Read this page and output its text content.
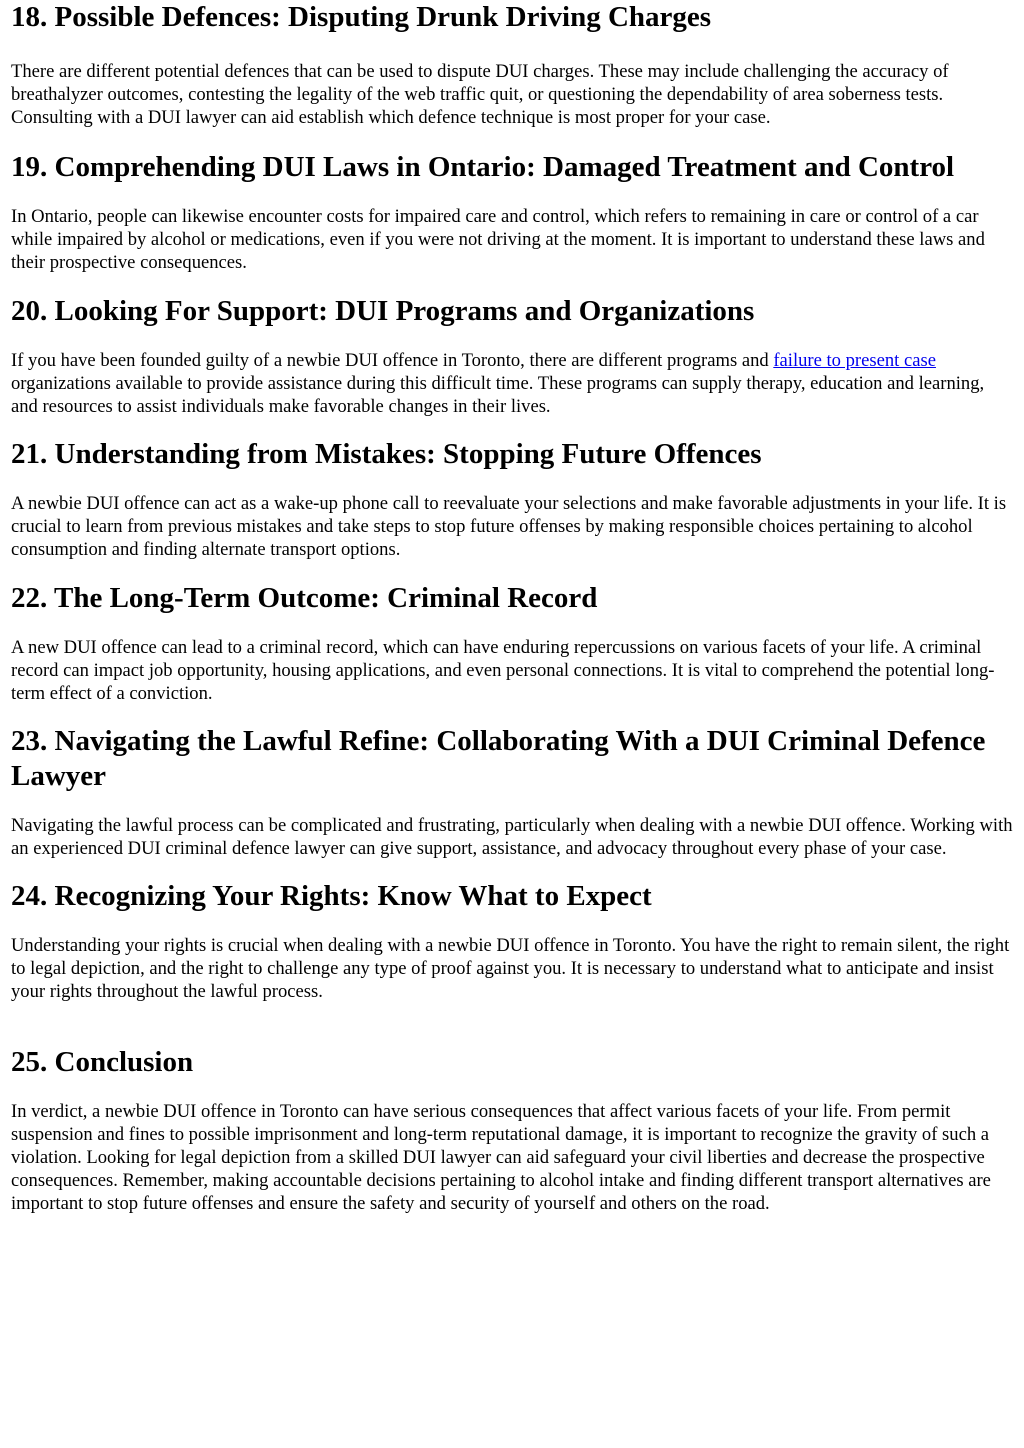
18. Possible Defences: Disputing Drunk Driving Charges

There are different potential defences that can be used to dispute DUI charges. These may include challenging the accuracy of breathalyzer outcomes, contesting the legality of the web traffic quit, or questioning the dependability of area soberness tests. Consulting with a DUI lawyer can aid establish which defence technique is most proper for your case.

19. Comprehending DUI Laws in Ontario: Damaged Treatment and Control

In Ontario, people can likewise encounter costs for impaired care and control, which refers to remaining in care or control of a car while impaired by alcohol or medications, even if you were not driving at the moment. It is important to understand these laws and their prospective consequences.

20. Looking For Support: DUI Programs and Organizations

If you have been founded guilty of a newbie DUI offence in Toronto, there are different programs and failure to present case organizations available to provide assistance during this difficult time. These programs can supply therapy, education and learning, and resources to assist individuals make favorable changes in their lives.

21. Understanding from Mistakes: Stopping Future Offences

A newbie DUI offence can act as a wake-up phone call to reevaluate your selections and make favorable adjustments in your life. It is crucial to learn from previous mistakes and take steps to stop future offenses by making responsible choices pertaining to alcohol consumption and finding alternate transport options.

22. The Long-Term Outcome: Criminal Record

A new DUI offence can lead to a criminal record, which can have enduring repercussions on various facets of your life. A criminal record can impact job opportunity, housing applications, and even personal connections. It is vital to comprehend the potential long-term effect of a conviction.

23. Navigating the Lawful Refine: Collaborating With a DUI Criminal Defence Lawyer

Navigating the lawful process can be complicated and frustrating, particularly when dealing with a newbie DUI offence. Working with an experienced DUI criminal defence lawyer can give support, assistance, and advocacy throughout every phase of your case.

24. Recognizing Your Rights: Know What to Expect

Understanding your rights is crucial when dealing with a newbie DUI offence in Toronto. You have the right to remain silent, the right to legal depiction, and the right to challenge any type of proof against you. It is necessary to understand what to anticipate and insist your rights throughout the lawful process.

25. Conclusion

In verdict, a newbie DUI offence in Toronto can have serious consequences that affect various facets of your life. From permit suspension and fines to possible imprisonment and long-term reputational damage, it is important to recognize the gravity of such a violation. Looking for legal depiction from a skilled DUI lawyer can aid safeguard your civil liberties and decrease the prospective consequences. Remember, making accountable decisions pertaining to alcohol intake and finding different transport alternatives are important to stop future offenses and ensure the safety and security of yourself and others on the road.
